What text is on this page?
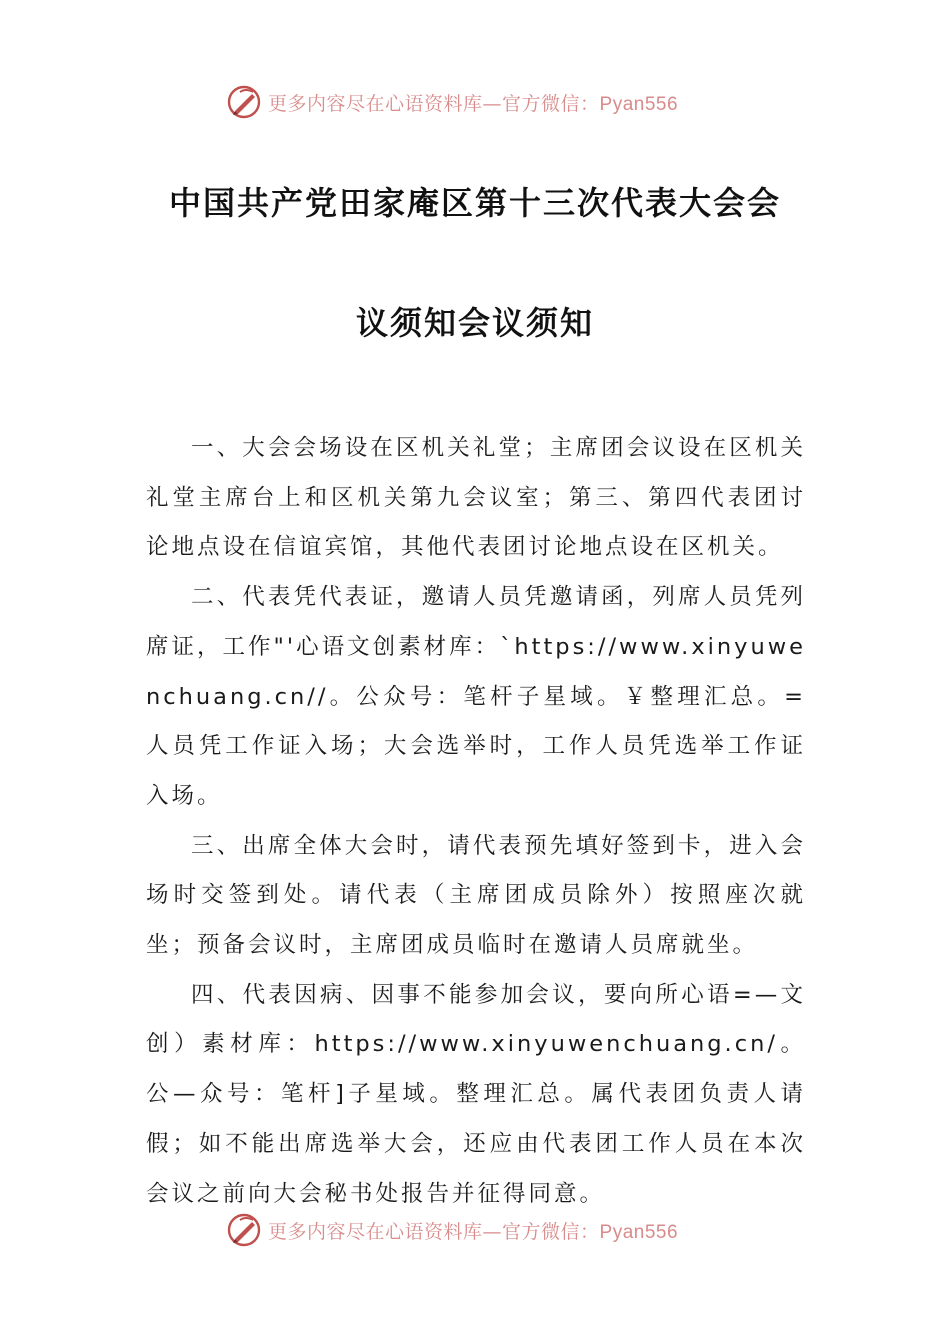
更多内容尽在心语资料库—官方微信：Pyan556
中国共产党田家庵区第十三次代表大会会
议须知会议须知

一、大会会场设在区机关礼堂；主席团会议设在区机关礼堂主席台上和区机关第九会议室；第三、第四代表团讨论地点设在信谊宾馆，其他代表团讨论地点设在区机关。

二、代表凭代表证，邀请人员凭邀请函，列席人员凭列席证，工作"'心语文创素材库：`https://www.xinyuwenchuang.cn//。公众号：笔杆子星域。￥整理汇总。=人员凭工作证入场；大会选举时，工作人员凭选举工作证入场。

三、出席全体大会时，请代表预先填好签到卡，进入会场时交签到处。请代表（主席团成员除外）按照座次就坐；预备会议时，主席团成员临时在邀请人员席就坐。

四、代表因病、因事不能参加会议，要向所心语=—文创）素材库：https://www.xinyuwenchuang.cn/。公—众号：笔杆]子星域。整理汇总。属代表团负责人请假；如不能出席选举大会，还应由代表团工作人员在本次会议之前向大会秘书处报告并征得同意。

更多内容尽在心语资料库—官方微信：Pyan556
